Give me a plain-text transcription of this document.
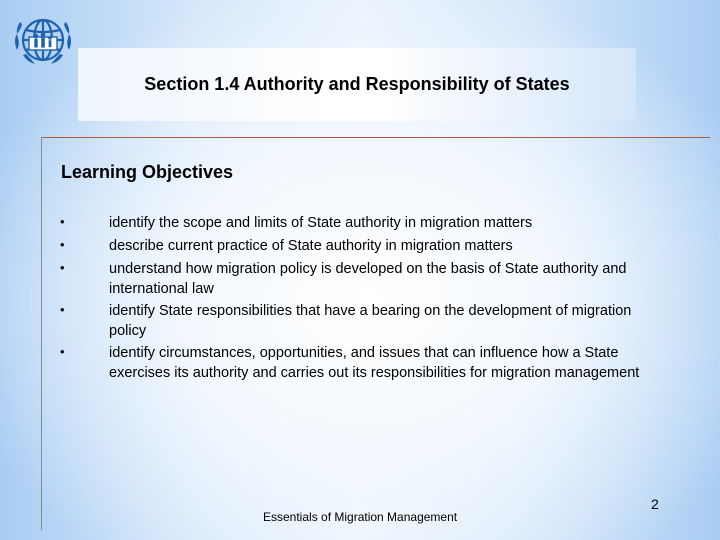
Section 1.4 Authority and Responsibility of States
Learning Objectives
•	identify the scope and limits of State authority in migration matters
•	describe current practice of State authority in migration matters
•	understand how migration policy is developed on the basis of State authority and international law
•	identify State responsibilities that have a bearing on the development of migration policy
•	identify circumstances, opportunities, and issues that can influence how a State exercises its authority and carries out its responsibilities for migration management
Essentials of Migration Management
2
